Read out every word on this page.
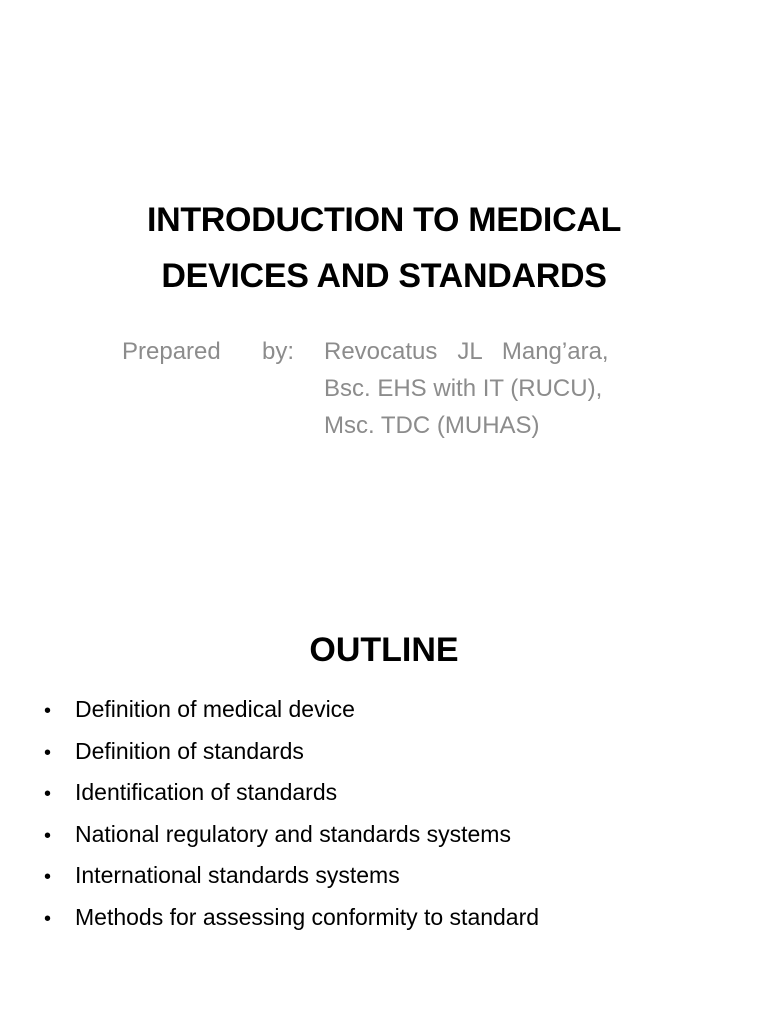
INTRODUCTION TO MEDICAL
DEVICES AND STANDARDS
Prepared	by:	Revocatus   JL   Mang’ara,
Bsc. EHS with IT (RUCU),
Msc. TDC (MUHAS)
OUTLINE
•	Definition of medical device
•	Definition of standards
•	Identification of standards
•	National regulatory and standards systems
•	International standards systems
•	Methods for assessing conformity to standard
